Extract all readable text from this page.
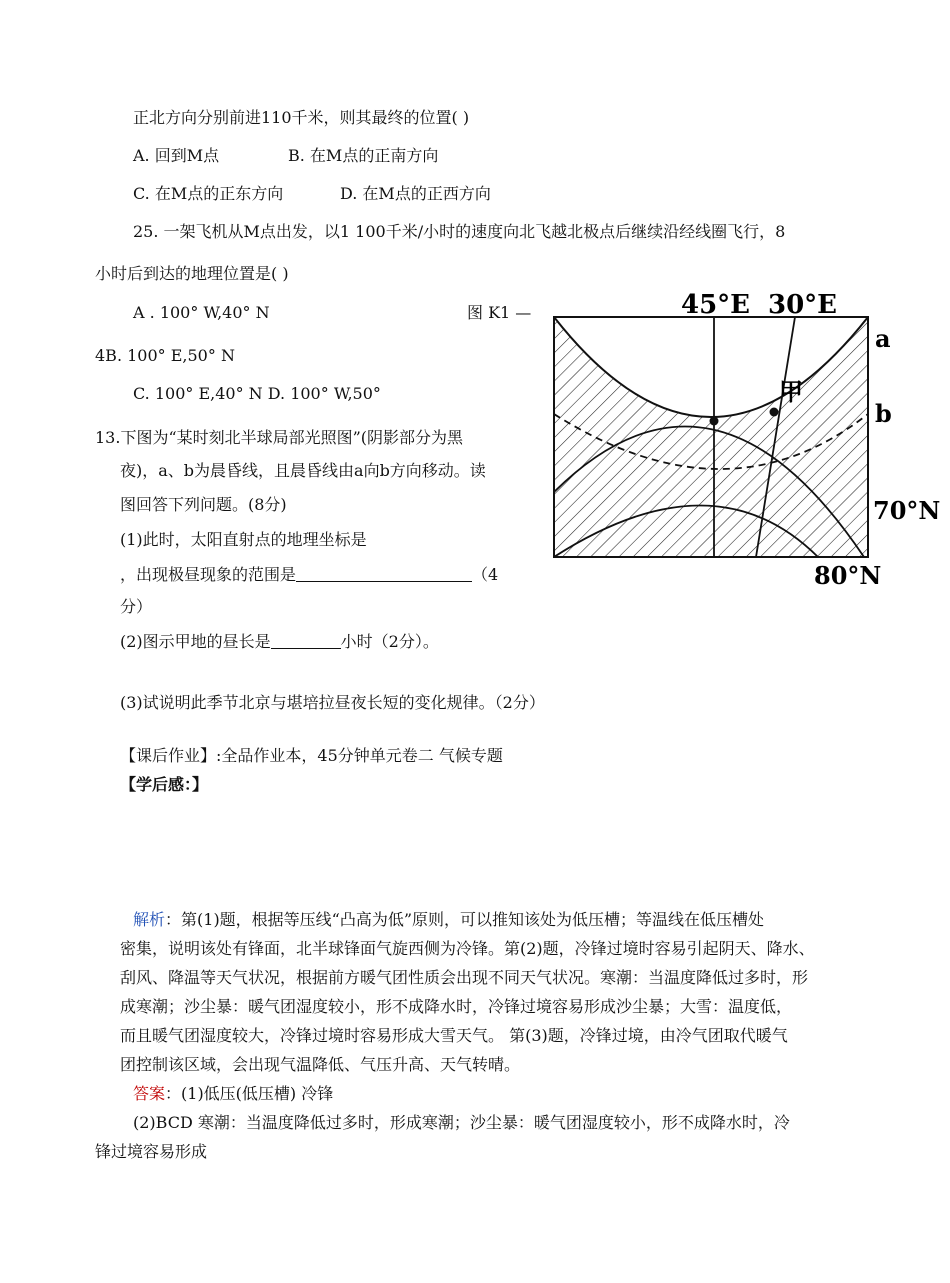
正北方向分别前进110千米，则其最终的位置( )
A. 回到M点	B. 在M点的正南方向
C. 在M点的正东方向	D. 在M点的正西方向
25. 一架飞机从M点出发，以1 100千米/小时的速度向北飞越北极点后继续沿经线圈飞行，8
小时后到达的地理位置是( )
A . 100° W,40° N	图 K1 —
4B. 100° E,50° N
C. 100° E,40° N D. 100° W,50°
13.下图为“某时刻北半球局部光照图”(阴影部分为黑
夜)，a、b为晨昏线，且晨昏线由a向b方向移动。读
图回答下列问题。(8分)
(1)此时，太阳直射点的地理坐标是
，出现极昼现象的范围是	（4
分）
(2)图示甲地的昼长是	小时（2分）。
(3)试说明此季节北京与堪培拉昼夜长短的变化规律。（2分）
45°E 30°E
a
b
甲
70°N
80°N
【课后作业】:全品作业本，45分钟单元卷二 气候专题
【学后感：】
解析：第(1)题，根据等压线“凸高为低”原则，可以推知该处为低压槽；等温线在低压槽处
密集，说明该处有锋面，北半球锋面气旋西侧为冷锋。第(2)题，冷锋过境时容易引起阴天、降水、
刮风、降温等天气状况，根据前方暖气团性质会出现不同天气状况。寒潮：当温度降低过多时，形
成寒潮；沙尘暴：暖气团湿度较小，形不成降水时，冷锋过境容易形成沙尘暴；大雪：温度低，
而且暖气团湿度较大，冷锋过境时容易形成大雪天气。 第(3)题，冷锋过境，由冷气团取代暖气
团控制该区域，会出现气温降低、气压升高、天气转晴。
答案：(1)低压(低压槽) 冷锋
(2)BCD 寒潮：当温度降低过多时，形成寒潮；沙尘暴：暖气团湿度较小，形不成降水时，冷
锋过境容易形成
